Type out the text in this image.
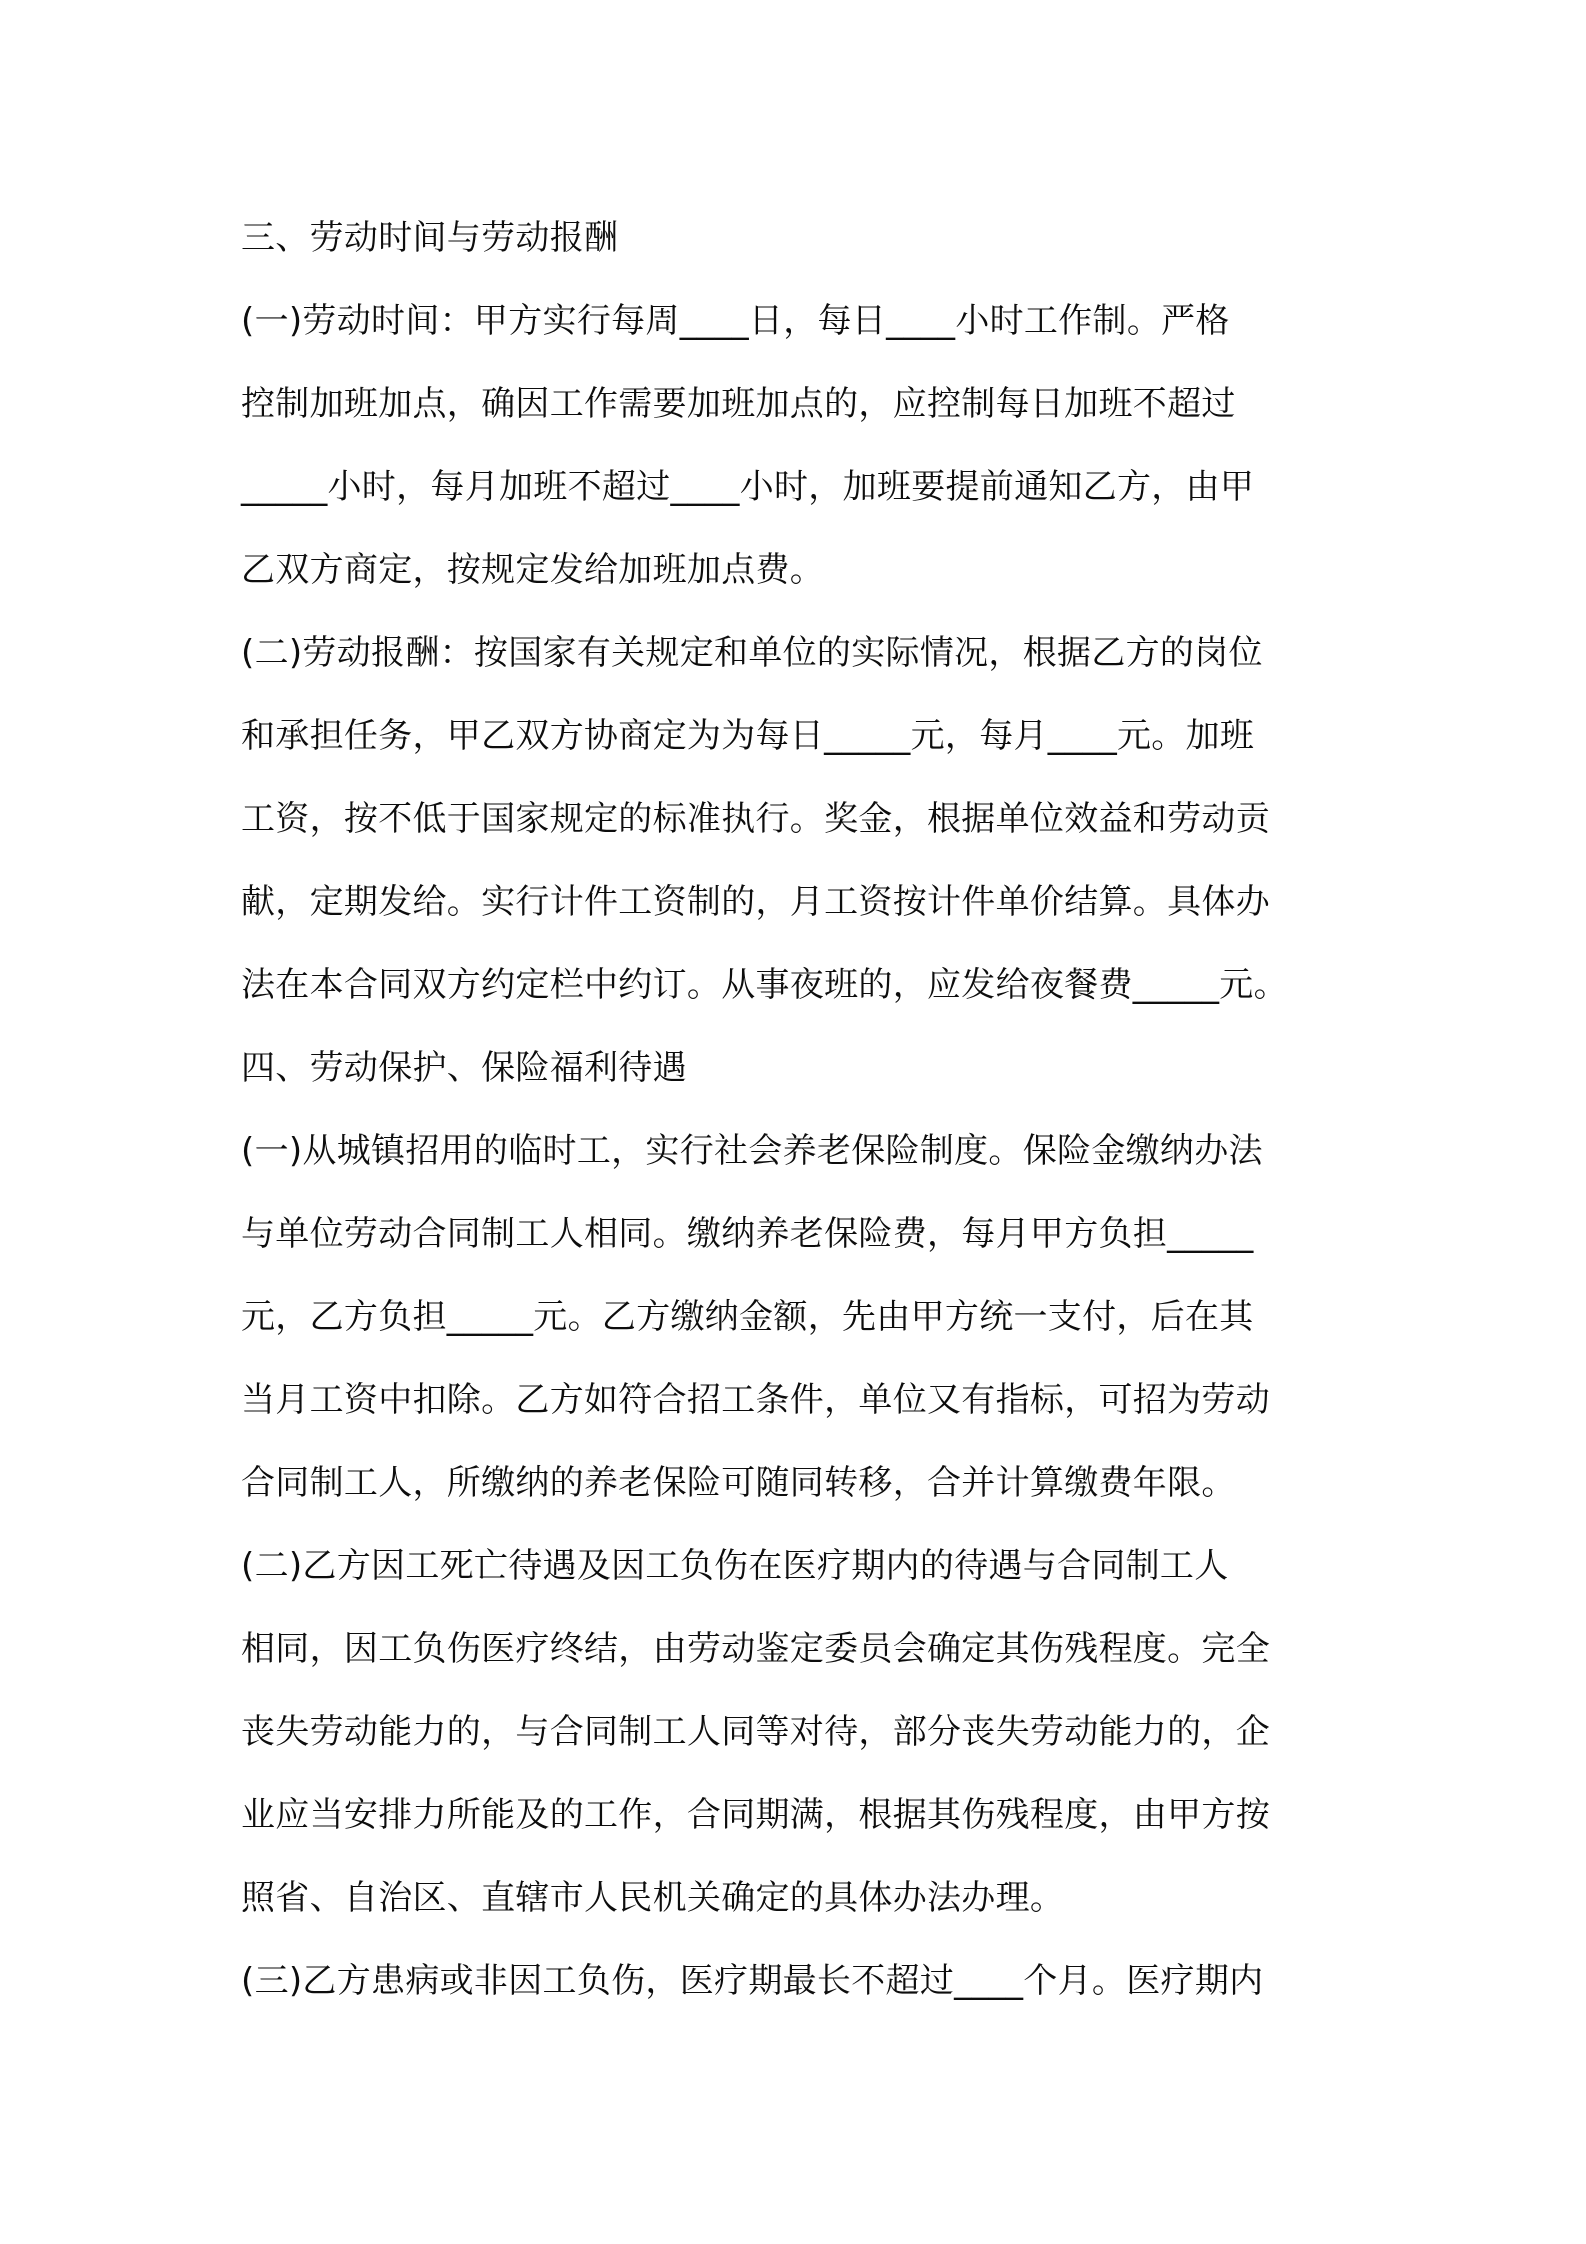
三、劳动时间与劳动报酬
(一)劳动时间：甲方实行每周____日，每日____小时工作制。严格
控制加班加点，确因工作需要加班加点的，应控制每日加班不超过
_____小时，每月加班不超过____小时，加班要提前通知乙方，由甲
乙双方商定，按规定发给加班加点费。
(二)劳动报酬：按国家有关规定和单位的实际情况，根据乙方的岗位
和承担任务，甲乙双方协商定为为每日_____元，每月____元。加班
工资，按不低于国家规定的标准执行。奖金，根据单位效益和劳动贡
献，定期发给。实行计件工资制的，月工资按计件单价结算。具体办
法在本合同双方约定栏中约订。从事夜班的，应发给夜餐费_____元。
四、劳动保护、保险福利待遇
(一)从城镇招用的临时工，实行社会养老保险制度。保险金缴纳办法
与单位劳动合同制工人相同。缴纳养老保险费，每月甲方负担_____
元，乙方负担_____元。乙方缴纳金额，先由甲方统一支付，后在其
当月工资中扣除。乙方如符合招工条件，单位又有指标，可招为劳动
合同制工人，所缴纳的养老保险可随同转移，合并计算缴费年限。
(二)乙方因工死亡待遇及因工负伤在医疗期内的待遇与合同制工人
相同，因工负伤医疗终结，由劳动鉴定委员会确定其伤残程度。完全
丧失劳动能力的，与合同制工人同等对待，部分丧失劳动能力的，企
业应当安排力所能及的工作，合同期满，根据其伤残程度，由甲方按
照省、自治区、直辖市人民机关确定的具体办法办理。
(三)乙方患病或非因工负伤，医疗期最长不超过____个月。医疗期内
